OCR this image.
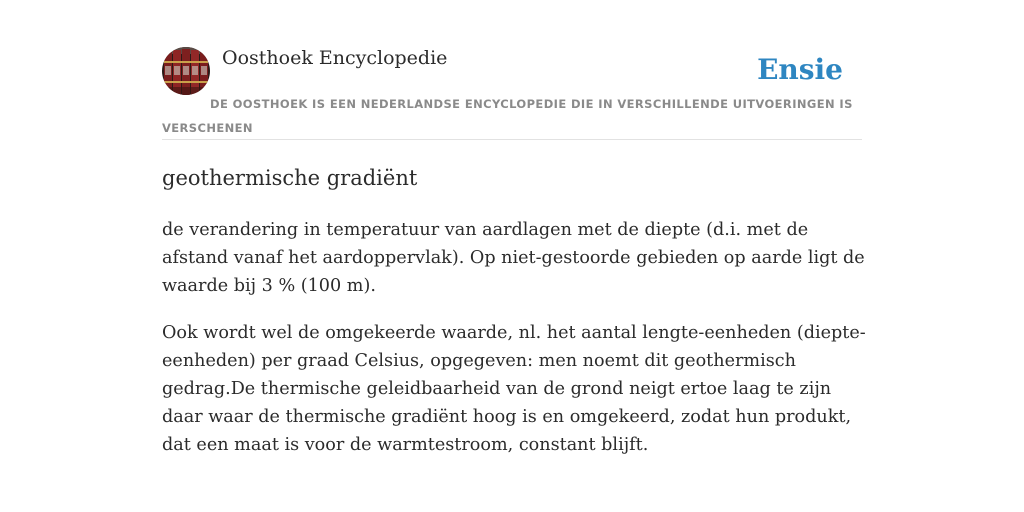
Oosthoek Encyclopedie	Ensie
DE OOSTHOEK IS EEN NEDERLANDSE ENCYCLOPEDIE DIE IN VERSCHILLENDE UITVOERINGEN IS VERSCHENEN
geothermische gradiënt

de verandering in temperatuur van aardlagen met de diepte (d.i. met de afstand vanaf het aardoppervlak). Op niet-gestoorde gebieden op aarde ligt de waarde bij 3 % (100 m).

Ook wordt wel de omgekeerde waarde, nl. het aantal lengte-eenheden (diepte-eenheden) per graad Celsius, opgegeven: men noemt dit geothermisch gedrag.De thermische geleidbaarheid van de grond neigt ertoe laag te zijn daar waar de thermische gradiënt hoog is en omgekeerd, zodat hun produkt, dat een maat is voor de warmtestroom, constant blijft.
